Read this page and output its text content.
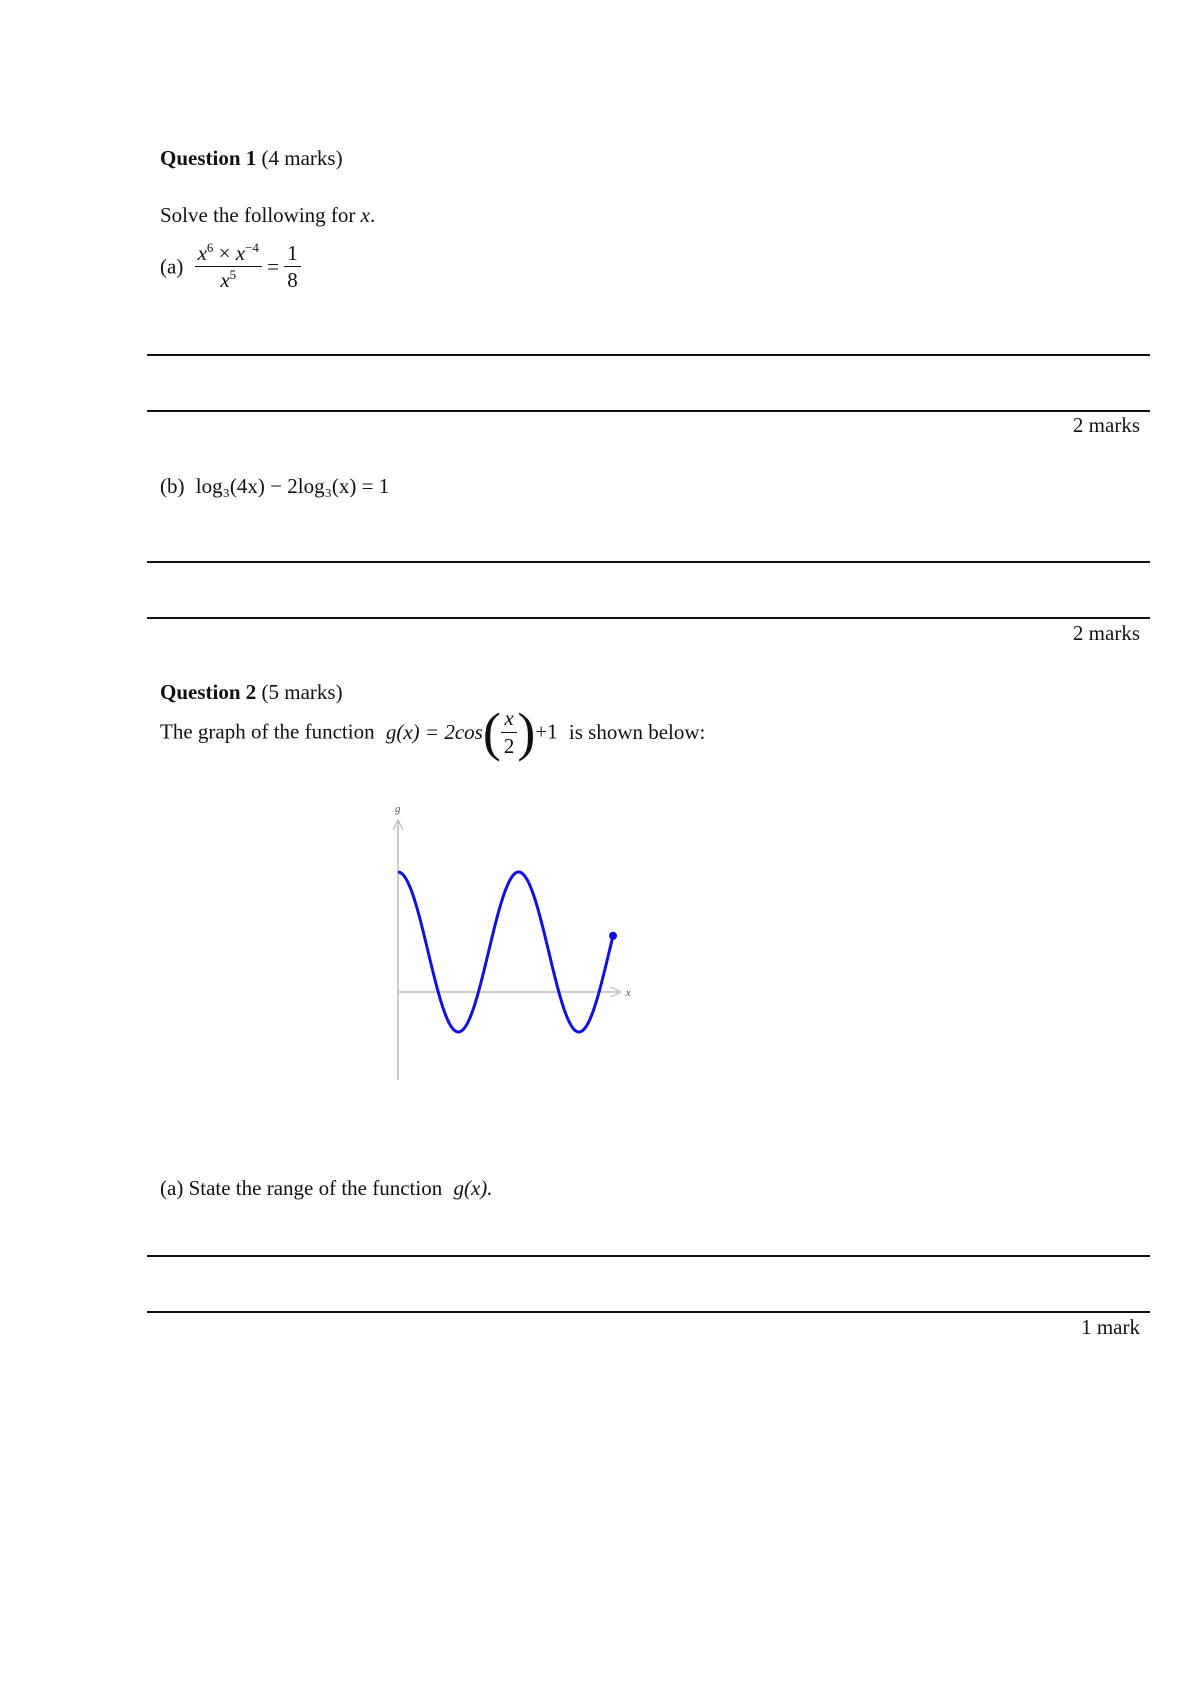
Question 1 (4 marks)
Solve the following for x.
$(a) \frac{x^6 \times x^{-4}}{x^5} = \frac{1}{8}$
2 marks
(b) log₃(4x) − 2log₃(x) = 1
2 marks
Question 2 (5 marks)
The graph of the function $g(x) = 2\cos( \frac{x}{2} )+1$ is shown below:
g
x
(a) State the range of the function g(x).
1 mark
